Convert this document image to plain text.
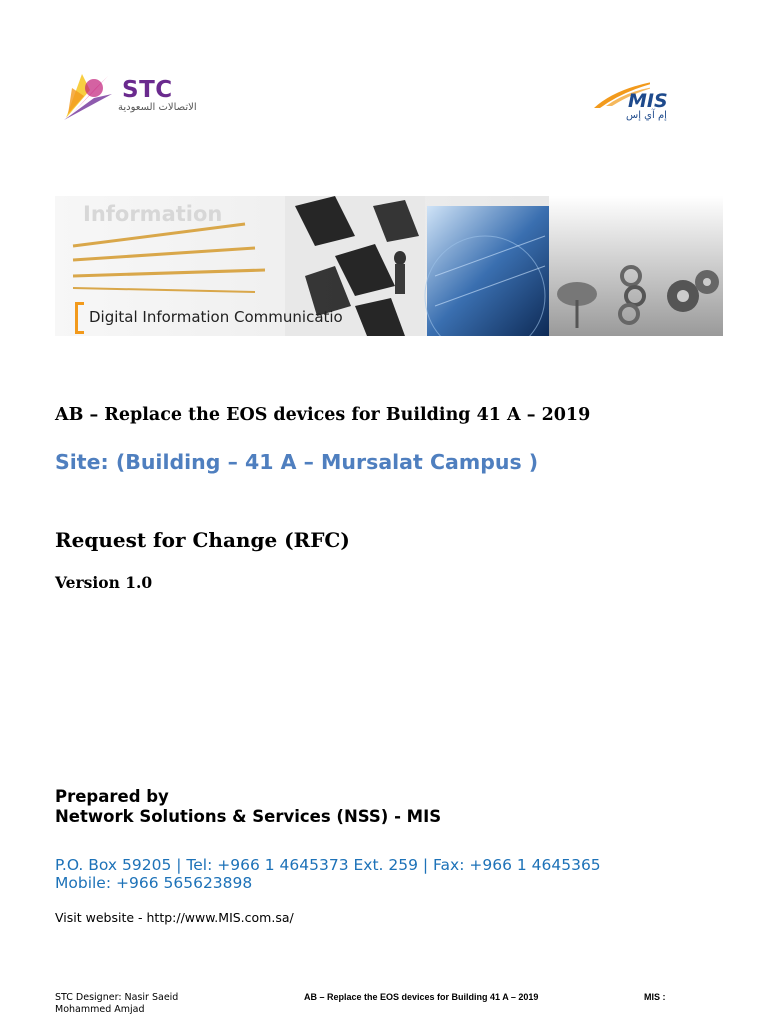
STC
الاتصالات السعودية	MIS
إم آي إس
Information
Digital Information Communicatio
AB – Replace the EOS devices for Building 41 A – 2019
Site: (Building – 41 A – Mursalat Campus )
Request for Change (RFC)
Version 1.0
Prepared by
Network Solutions & Services (NSS) - MIS
P.O. Box 59205 | Tel: +966 1 4645373 Ext. 259 | Fax: +966 1 4645365
Mobile: +966 565623898
Visit website - http://www.MIS.com.sa/
STC Designer: Nasir Saeid
Mohammed Amjad
AB – Replace the EOS devices for Building 41 A – 2019	MIS :
